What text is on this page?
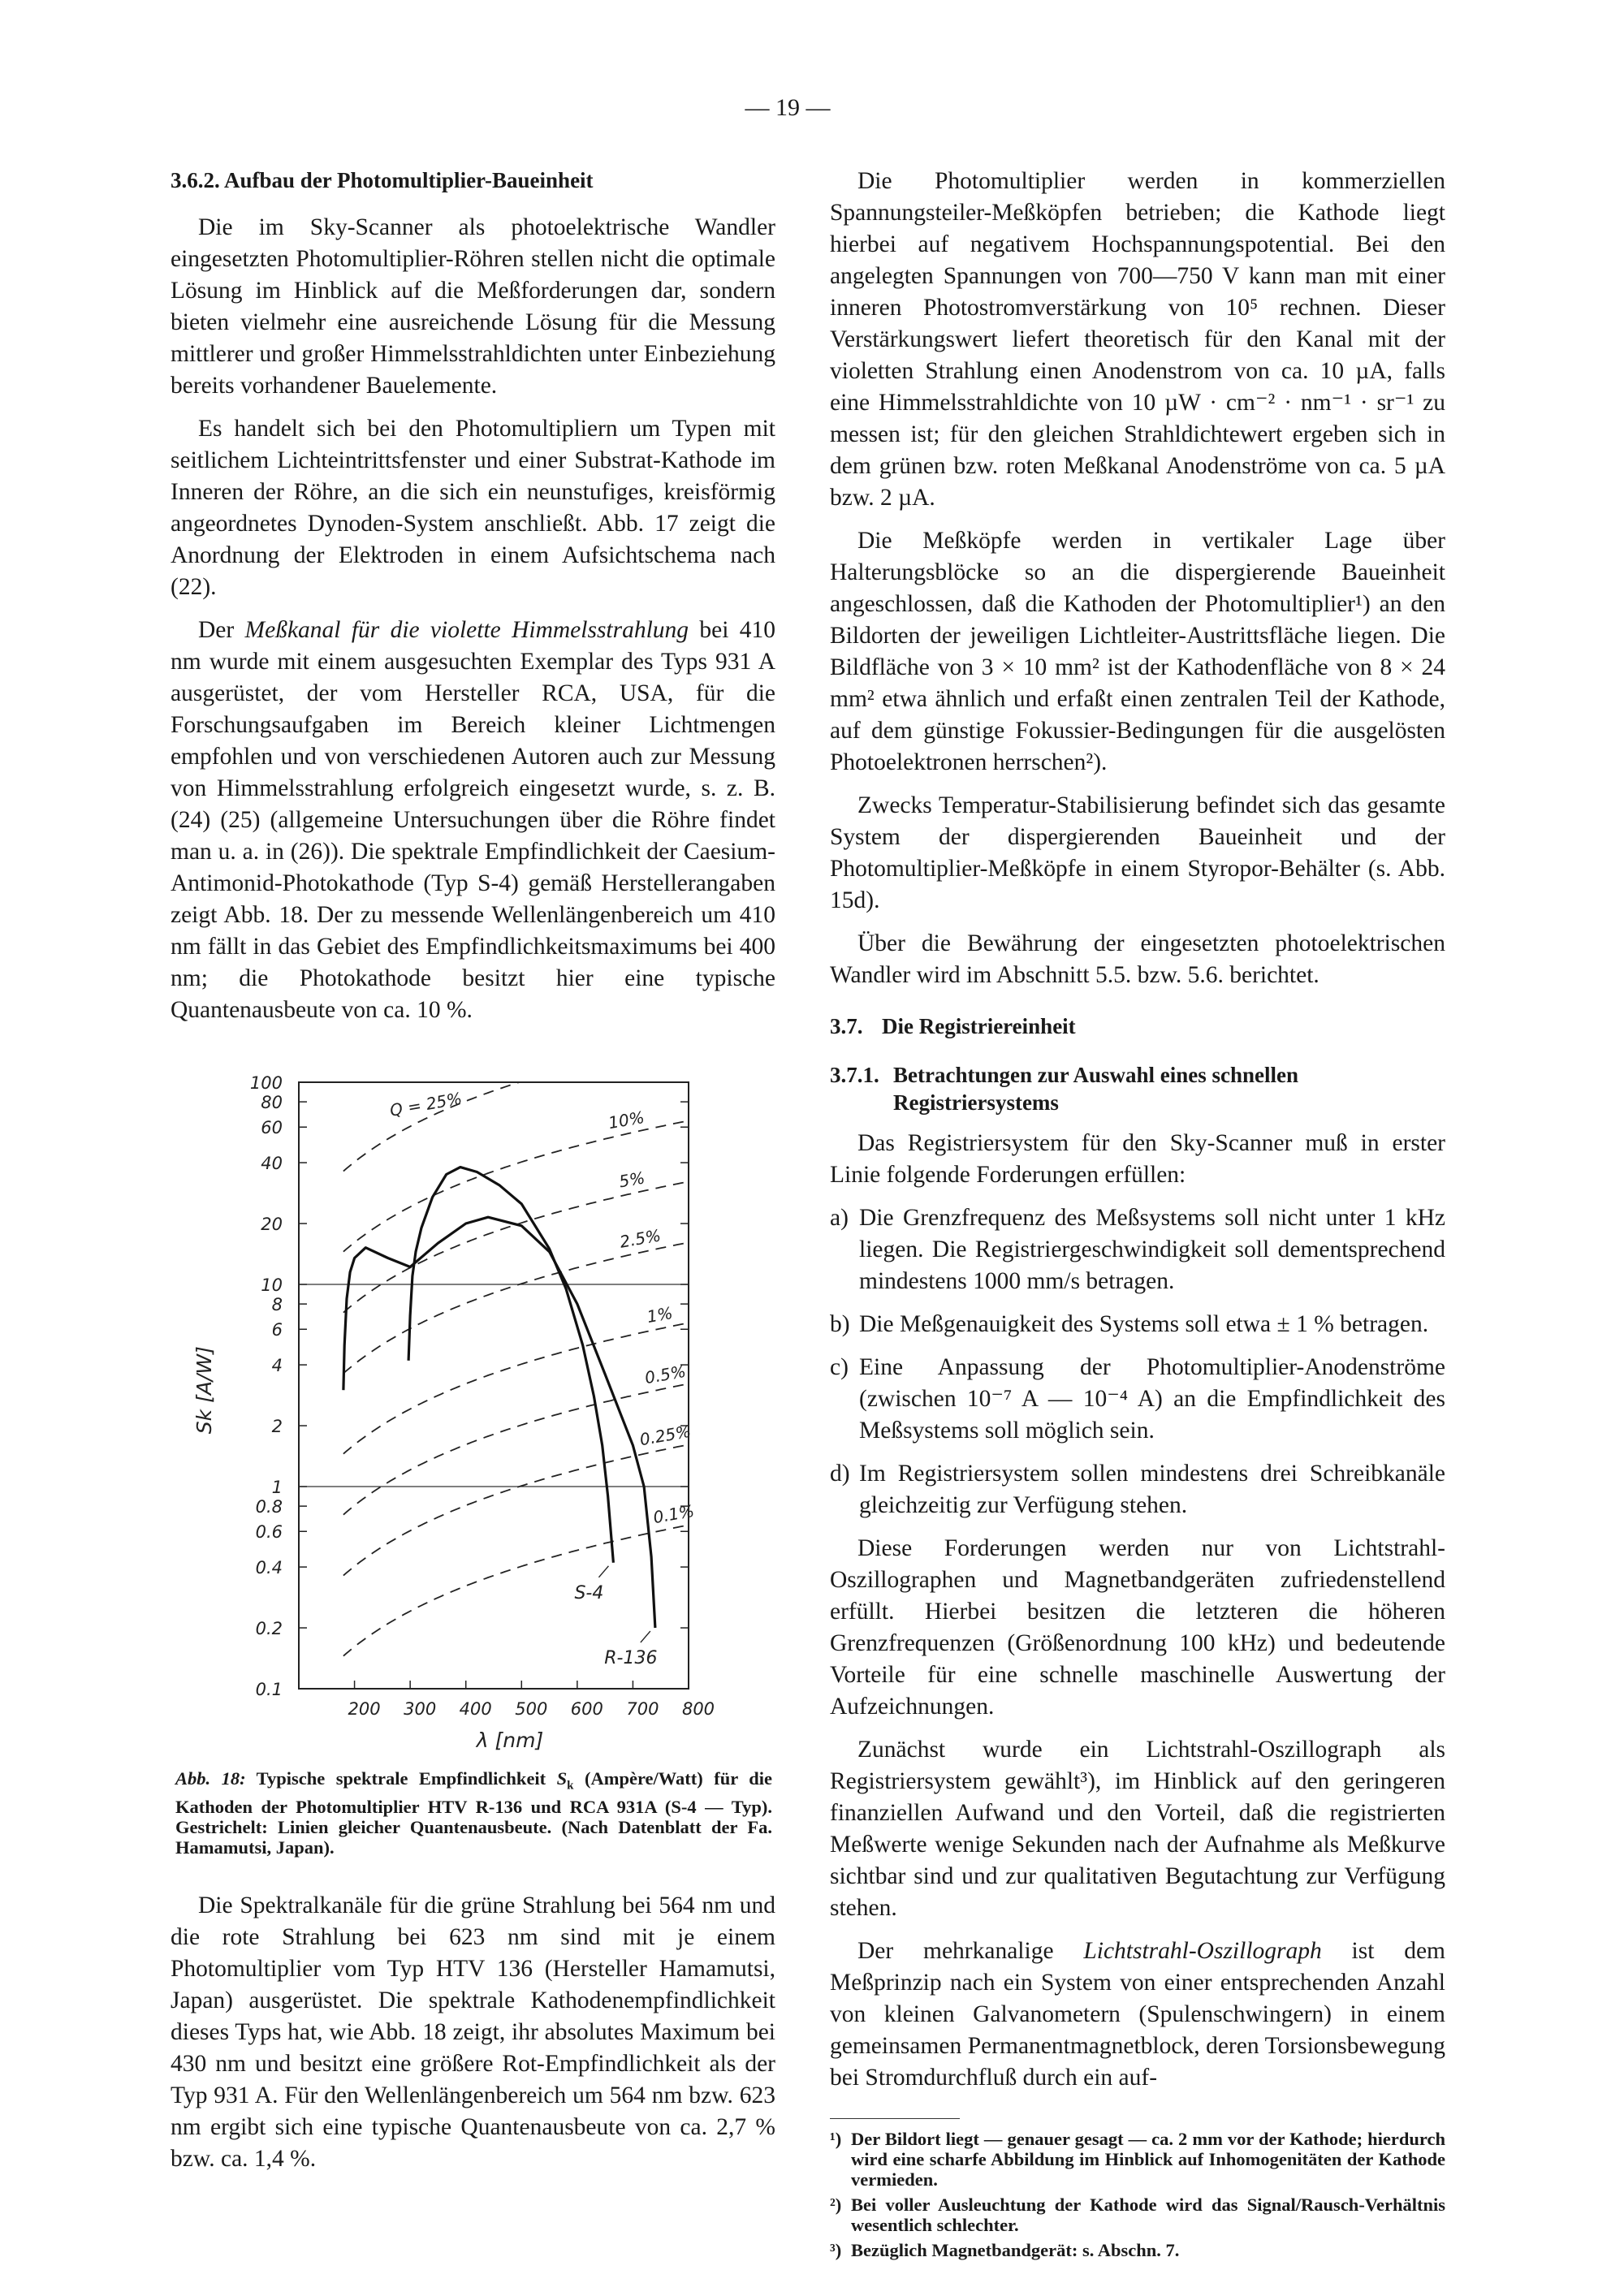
— 19 —
3.6.2. Aufbau der Photomultiplier-Baueinheit

Die im Sky-Scanner als photoelektrische Wandler eingesetzten Photomultiplier-Röhren stellen nicht die optimale Lösung im Hinblick auf die Meßforderungen dar, sondern bieten vielmehr eine ausreichende Lösung für die Messung mittlerer und großer Himmelsstrahldichten unter Einbeziehung bereits vorhandener Bauelemente.

Es handelt sich bei den Photomultipliern um Typen mit seitlichem Lichteintrittsfenster und einer Substrat-Kathode im Inneren der Röhre, an die sich ein neunstufiges, kreisförmig angeordnetes Dynoden-System anschließt. Abb. 17 zeigt die Anordnung der Elektroden in einem Aufsichtschema nach (22).

Der Meßkanal für die violette Himmelsstrahlung bei 410 nm wurde mit einem ausgesuchten Exemplar des Typs 931 A ausgerüstet, der vom Hersteller RCA, USA, für die Forschungsaufgaben im Bereich kleiner Lichtmengen empfohlen und von verschiedenen Autoren auch zur Messung von Himmelsstrahlung erfolgreich eingesetzt wurde, s. z. B. (24) (25) (allgemeine Untersuchungen über die Röhre findet man u. a. in (26)). Die spektrale Empfindlichkeit der Caesium-Antimonid-Photokathode (Typ S-4) gemäß Herstellerangaben zeigt Abb. 18. Der zu messende Wellenlängenbereich um 410 nm fällt in das Gebiet des Empfindlichkeitsmaximums bei 400 nm; die Photokathode besitzt hier eine typische Quantenausbeute von ca. 10 %.

100
80
60
40
20
10
8
6
4
2
1
0.8
0.6
0.4
0.2
0.1
200 300 400 500 600 700 800
λ [nm]
Sk [A/W]
Q = 25%	10%
5%
2.5%
1%
0.5%
0.25%
0.1%
R-136
S-4

Abb. 18: Typische spektrale Empfindlichkeit $S_k$ (Ampère/Watt) für die Kathoden der Photomultiplier HTV R-136 und RCA 931A (S-4 — Typ). Gestrichelt: Linien gleicher Quantenausbeute. (Nach Datenblatt der Fa. Hamamutsi, Japan).

Die Spektralkanäle für die grüne Strahlung bei 564 nm und die rote Strahlung bei 623 nm sind mit je einem Photomultiplier vom Typ HTV 136 (Hersteller Hamamutsi, Japan) ausgerüstet. Die spektrale Kathodenempfindlichkeit dieses Typs hat, wie Abb. 18 zeigt, ihr absolutes Maximum bei 430 nm und besitzt eine größere Rot-Empfindlichkeit als der Typ 931 A. Für den Wellenlängenbereich um 564 nm bzw. 623 nm ergibt sich eine typische Quantenausbeute von ca. 2,7 % bzw. ca. 1,4 %.

Die Photomultiplier werden in kommerziellen Spannungsteiler-Meßköpfen betrieben; die Kathode liegt hierbei auf negativem Hochspannungspotential. Bei den angelegten Spannungen von 700—750 V kann man mit einer inneren Photostromverstärkung von 10⁵ rechnen. Dieser Verstärkungswert liefert theoretisch für den Kanal mit der violetten Strahlung einen Anodenstrom von ca. 10 µA, falls eine Himmelsstrahldichte von 10 µW · cm⁻² · nm⁻¹ · sr⁻¹ zu messen ist; für den gleichen Strahldichtewert ergeben sich in dem grünen bzw. roten Meßkanal Anodenströme von ca. 5 µA bzw. 2 µA.

Die Meßköpfe werden in vertikaler Lage über Halterungsblöcke so an die dispergierende Baueinheit angeschlossen, daß die Kathoden der Photomultiplier¹) an den Bildorten der jeweiligen Lichtleiter-Austrittsfläche liegen. Die Bildfläche von 3 × 10 mm² ist der Kathodenfläche von 8 × 24 mm² etwa ähnlich und erfaßt einen zentralen Teil der Kathode, auf dem günstige Fokussier-Bedingungen für die ausgelösten Photoelektronen herrschen²).

Zwecks Temperatur-Stabilisierung befindet sich das gesamte System der dispergierenden Baueinheit und der Photomultiplier-Meßköpfe in einem Styropor-Behälter (s. Abb. 15d).

Über die Bewährung der eingesetzten photoelektrischen Wandler wird im Abschnitt 5.5. bzw. 5.6. berichtet.

3.7. Die Registriereinheit
3.7.1. Betrachtungen zur Auswahl eines schnellen Registriersystems

Das Registriersystem für den Sky-Scanner muß in erster Linie folgende Forderungen erfüllen:

a) Die Grenzfrequenz des Meßsystems soll nicht unter 1 kHz liegen. Die Registriergeschwindigkeit soll dementsprechend mindestens 1000 mm/s betragen.
b) Die Meßgenauigkeit des Systems soll etwa ± 1 % betragen.
c) Eine Anpassung der Photomultiplier-Anodenströme (zwischen 10⁻⁷ A — 10⁻⁴ A) an die Empfindlichkeit des Meßsystems soll möglich sein.
d) Im Registriersystem sollen mindestens drei Schreibkanäle gleichzeitig zur Verfügung stehen.

Diese Forderungen werden nur von Lichtstrahl-Oszillographen und Magnetbandgeräten zufriedenstellend erfüllt. Hierbei besitzen die letzteren die höheren Grenzfrequenzen (Größenordnung 100 kHz) und bedeutende Vorteile für eine schnelle maschinelle Auswertung der Aufzeichnungen.

Zunächst wurde ein Lichtstrahl-Oszillograph als Registriersystem gewählt³), im Hinblick auf den geringeren finanziellen Aufwand und den Vorteil, daß die registrierten Meßwerte wenige Sekunden nach der Aufnahme als Meßkurve sichtbar sind und zur qualitativen Begutachtung zur Verfügung stehen.

Der mehrkanalige Lichtstrahl-Oszillograph ist dem Meßprinzip nach ein System von einer entsprechenden Anzahl von kleinen Galvanometern (Spulenschwingern) in einem gemeinsamen Permanentmagnetblock, deren Torsionsbewegung bei Stromdurchfluß durch ein auf-

¹) Der Bildort liegt — genauer gesagt — ca. 2 mm vor der Kathode; hierdurch wird eine scharfe Abbildung im Hinblick auf Inhomogenitäten der Kathode vermieden.
²) Bei voller Ausleuchtung der Kathode wird das Signal/Rausch-Verhältnis wesentlich schlechter.
³) Bezüglich Magnetbandgerät: s. Abschn. 7.
